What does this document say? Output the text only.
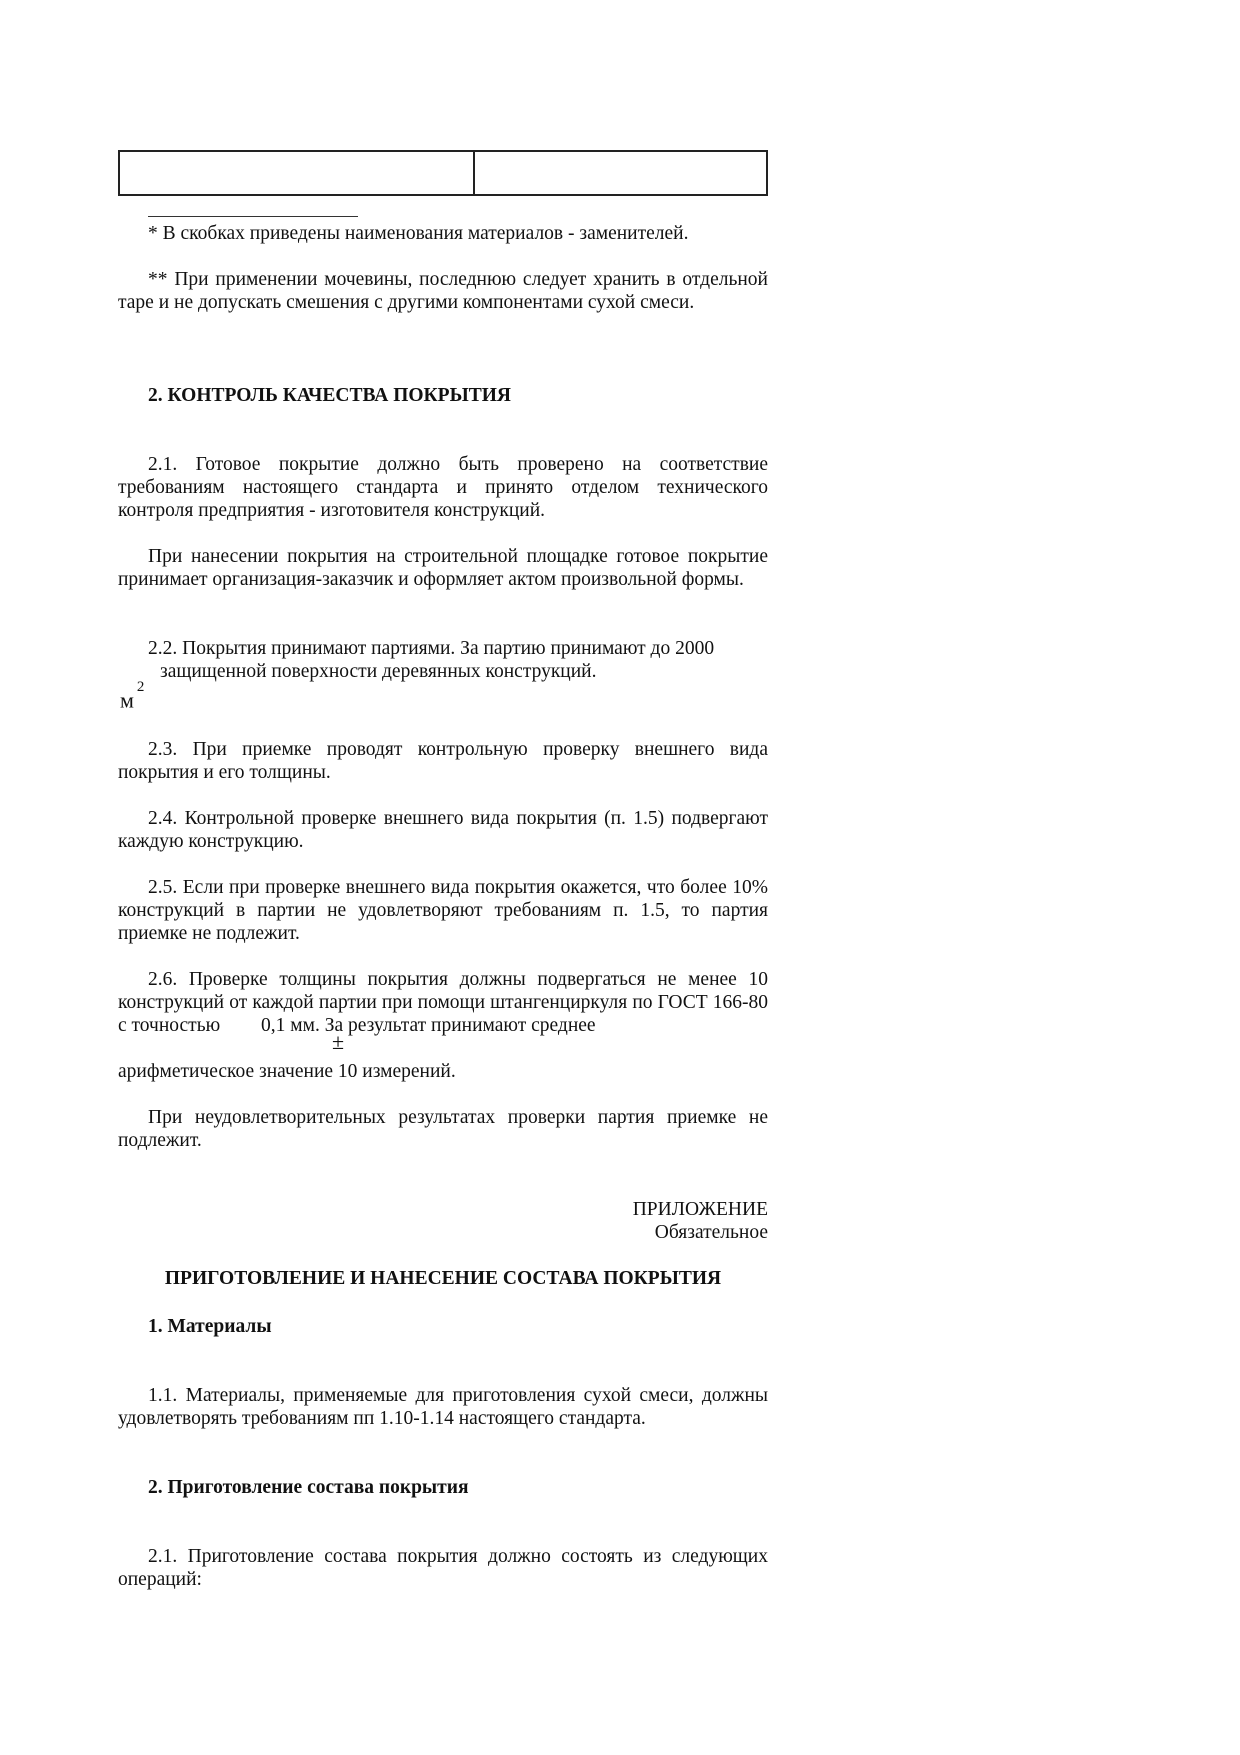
* В скобках приведены наименования материалов - заменителей.

** При применении мочевины, последнюю следует хранить в отдельной таре и не допускать смешения с другими компонентами сухой смеси.

2. КОНТРОЛЬ КАЧЕСТВА ПОКРЫТИЯ

2.1. Готовое покрытие должно быть проверено на соответствие требованиям настоящего стандарта и принято отделом технического контроля предприятия - изготовителя конструкций.

При нанесении покрытия на строительной площадке готовое покрытие принимает организация-заказчик и оформляет актом произвольной формы.

2.2. Покрытия принимают партиями. За партию принимают до 2000

защищенной поверхности деревянных конструкций.

$м^2$

2.3. При приемке проводят контрольную проверку внешнего вида покрытия и его толщины.

2.4. Контрольной проверке внешнего вида покрытия (п. 1.5) подвергают каждую конструкцию.

2.5. Если при проверке внешнего вида покрытия окажется, что более 10% конструкций в партии не удовлетворяют требованиям п. 1.5, то партия приемке не подлежит.

2.6. Проверке толщины покрытия должны подвергаться не менее 10 конструкций от каждой партии при помощи штангенциркуля по ГОСТ 166-80 с точностью 0,1 мм. За результат принимают среднее

±

арифметическое значение 10 измерений.

При неудовлетворительных результатах проверки партия приемке не подлежит.

ПРИЛОЖЕНИЕ
Обязательное
ПРИГОТОВЛЕНИЕ И НАНЕСЕНИЕ СОСТАВА ПОКРЫТИЯ
1. Материалы

1.1. Материалы, применяемые для приготовления сухой смеси, должны удовлетворять требованиям пп 1.10-1.14 настоящего стандарта.

2. Приготовление состава покрытия

2.1. Приготовление состава покрытия должно состоять из следующих операций:
